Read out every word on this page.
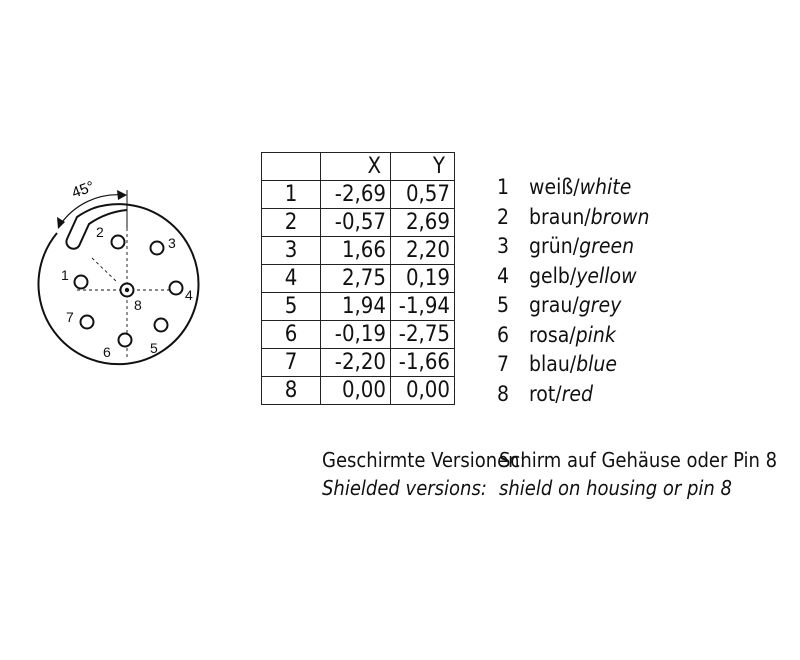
45°
1
2
3
4
5
6
7
8
	X	Y
1	-2,69	0,57
2	-0,57	2,69
3	1,66	2,20
4	2,75	0,19
5	1,94	-1,94
6	-0,19	-2,75
7	-2,20	-1,66
8	0,00	0,00
1 weiß/white
2 braun/brown
3 grün/green
4 gelb/yellow
5 grau/grey
6 rosa/pink
7 blau/blue
8 rot/red
Geschirmte Versionen:Schirm auf Gehäuse oder Pin 8
Shielded versions: shield on housing or pin 8
